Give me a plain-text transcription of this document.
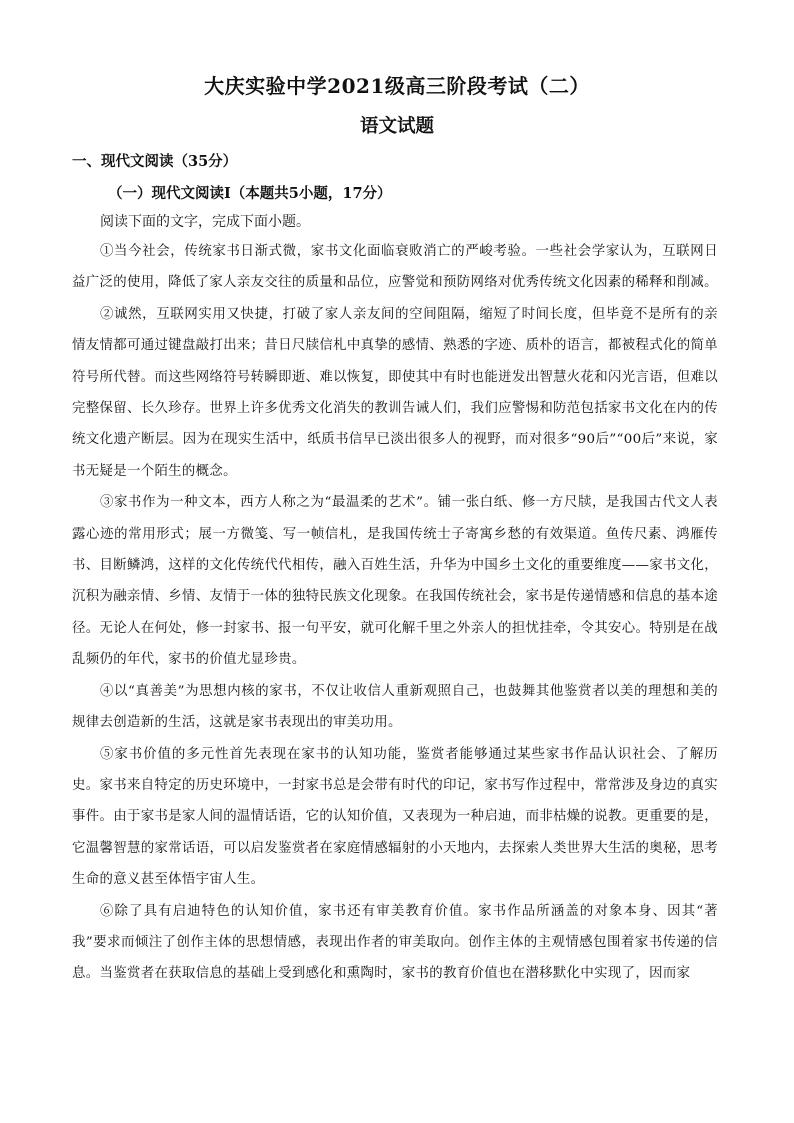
大庆实验中学2021级高三阶段考试（二）
语文试题
一、现代文阅读（35分）
（一）现代文阅读Ⅰ（本题共5小题，17分）
阅读下面的文字，完成下面小题。

①当今社会，传统家书日渐式微，家书文化面临衰败消亡的严峻考验。一些社会学家认为，互联网日益广泛的使用，降低了家人亲友交往的质量和品位，应警觉和预防网络对优秀传统文化因素的稀释和削减。

②诚然，互联网实用又快捷，打破了家人亲友间的空间阻隔，缩短了时间长度，但毕竟不是所有的亲情友情都可通过键盘敲打出来；昔日尺牍信札中真挚的感情、熟悉的字迹、质朴的语言，都被程式化的简单符号所代替。而这些网络符号转瞬即逝、难以恢复，即使其中有时也能迸发出智慧火花和闪光言语，但难以完整保留、长久珍存。世界上许多优秀文化消失的教训告诫人们，我们应警惕和防范包括家书文化在内的传统文化遗产断层。因为在现实生活中，纸质书信早已淡出很多人的视野，而对很多“90后”“00后”来说，家书无疑是一个陌生的概念。

③家书作为一种文本，西方人称之为“最温柔的艺术”。铺一张白纸、修一方尺牍，是我国古代文人表露心迹的常用形式；展一方微笺、写一帧信札，是我国传统士子寄寓乡愁的有效渠道。鱼传尺素、鸿雁传书、目断鳞鸿，这样的文化传统代代相传，融入百姓生活，升华为中国乡土文化的重要维度——家书文化，沉积为融亲情、乡情、友情于一体的独特民族文化现象。在我国传统社会，家书是传递情感和信息的基本途径。无论人在何处，修一封家书、报一句平安，就可化解千里之外亲人的担忧挂牵，令其安心。特别是在战乱频仍的年代，家书的价值尤显珍贵。

④以“真善美”为思想内核的家书，不仅让收信人重新观照自己，也鼓舞其他鉴赏者以美的理想和美的规律去创造新的生活，这就是家书表现出的审美功用。

⑤家书价值的多元性首先表现在家书的认知功能，鉴赏者能够通过某些家书作品认识社会、了解历史。家书来自特定的历史环境中，一封家书总是会带有时代的印记，家书写作过程中，常常涉及身边的真实事件。由于家书是家人间的温情话语，它的认知价值，又表现为一种启迪，而非枯燥的说教。更重要的是，它温馨智慧的家常话语，可以启发鉴赏者在家庭情感辐射的小天地内，去探索人类世界大生活的奥秘，思考生命的意义甚至体悟宇宙人生。

⑥除了具有启迪特色的认知价值，家书还有审美教育价值。家书作品所涵盖的对象本身、因其“著我”要求而倾注了创作主体的思想情感，表现出作者的审美取向。创作主体的主观情感包围着家书传递的信息。当鉴赏者在获取信息的基础上受到感化和熏陶时，家书的教育价值也在潜移默化中实现了，因而家
